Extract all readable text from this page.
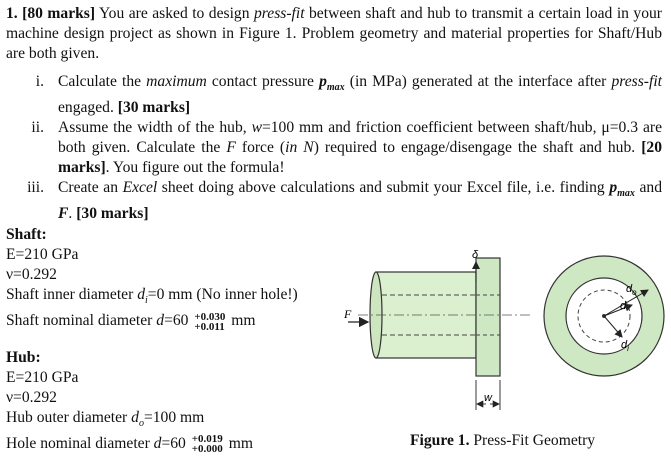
1. [80 marks] You are asked to design press-fit between shaft and hub to transmit a certain load in your machine design project as shown in Figure 1. Problem geometry and material properties for Shaft/Hub are both given.
i. Calculate the maximum contact pressure $p_{max}$ (in MPa) generated at the interface after press-fit engaged. [30 marks]
ii. Assume the width of the hub, w=100 mm and friction coefficient between shaft/hub, μ=0.3 are both given. Calculate the F force (in N) required to engage/disengage the shaft and hub. [20 marks]. You figure out the formula!
iii. Create an Excel sheet doing above calculations and submit your Excel file, i.e. finding $p_{max}$ and F. [30 marks]
Shaft:
E=210 GPa
ν=0.292
Shaft inner diameter $d_i=0$ mm (No inner hole!)
Shaft nominal diameter d=60 +0.030
+0.011 mm
Hub:
E=210 GPa
ν=0.292
Hub outer diameter $d_o=100$ mm
Hole nominal diameter d=60 +0.019
+0.000 mm
F
δ
w
$d_o$
d
$d_i$
Figure 1. Press-Fit Geometry
